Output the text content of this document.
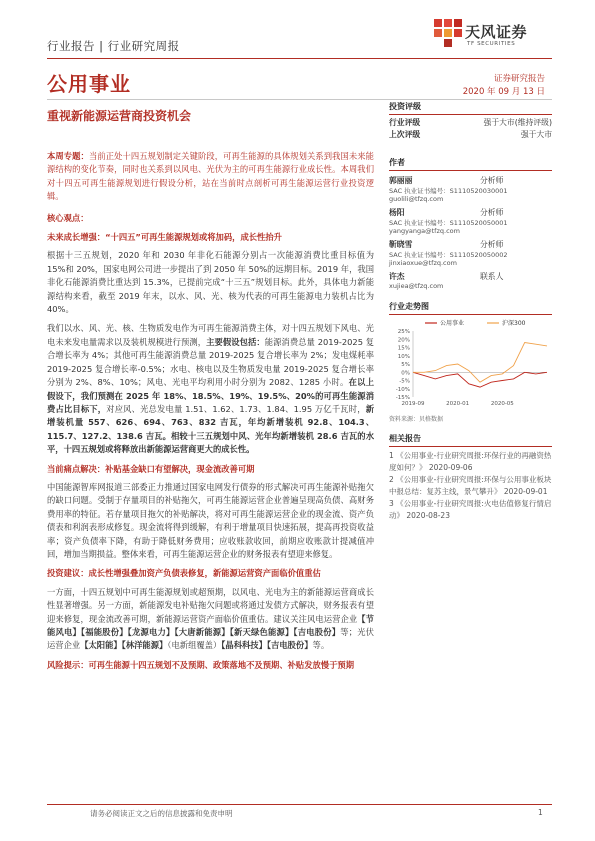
行业报告 | 行业研究周报
天风证券
TF SECURITIES
公用事业	证券研究报告
2020 年 09 月 13 日
重视新能源运营商投资机会

本周专题：当前正处十四五规划制定关键阶段，可再生能源的具体规划关系到我国未来能源结构的变化节奏，同时也关系到以风电、光伏为主的可再生能源行业成长性。本周我们对十四五可再生能源规划进行假设分析，站在当前时点剖析可再生能源运营行业投资逻辑。

核心观点：

未来成长增强：“十四五”可再生能源规划或将加码，成长性抬升

根据十三五规划，2020 年和 2030 年非化石能源分别占一次能源消费比重目标值为 15%和 20%，国家电网公司进一步提出了到 2050 年 50%的远期目标。2019 年，我国非化石能源消费比重达到 15.3%，已提前完成“十三五”规划目标。此外，具体电力新能源结构来看，截至 2019 年末，以水、风、光、核为代表的可再生能源电力装机占比为 40%。

我们以水、风、光、核、生物质发电作为可再生能源消费主体，对十四五规划下风电、光电未来发电量需求以及装机规模进行预测，主要假设包括：能源消费总量 2019-2025 复合增长率为 4%；其他可再生能源消费总量 2019-2025 复合增长率为 2%；发电煤耗率 2019-2025 复合增长率-0.5%；水电、核电以及生物质发电量 2019-2025 复合增长率分别为 2%、8%、10%；风电、光电平均利用小时分别为 2082、1285 小时。在以上假设下，我们预测在 2025 年 18%、18.5%、19%、19.5%、20%的可再生能源消费占比目标下，对应风、光总发电量 1.51、1.62、1.73、1.84、1.95 万亿千瓦时，新增装机量 557、626、694、763、832 吉瓦，年均新增装机 92.8、104.3、115.7、127.2、138.6 吉瓦。相较十三五规划中风、光年均新增装机 28.6 吉瓦的水平，十四五规划或将释放出新能源运营商更大的成长性。

当前痛点解决：补贴基金缺口有望解决，现金流改善可期

中国能源智库网报道三部委正力推通过国家电网发行债券的形式解决可再生能源补贴拖欠的缺口问题。受制于存量项目的补贴拖欠，可再生能源运营企业普遍呈现高负债、高财务费用率的特征。若存量项目拖欠的补贴解决，将对可再生能源运营企业的现金流、资产负债表和利润表形成修复。现金流将得到缓解，有利于增量项目快速拓展，提高再投资收益率；资产负债率下降，有助于降低财务费用；应收账款收回，前期应收账款计提减值冲回，增加当期损益。整体来看，可再生能源运营企业的财务报表有望迎来修复。

投资建议：成长性增强叠加资产负债表修复，新能源运营资产面临价值重估

一方面，十四五规划中可再生能源规划或超预期，以风电、光电为主的新能源运营商成长性显著增强。另一方面，新能源发电补贴拖欠问题或将通过发债方式解决，财务报表有望迎来修复，现金流改善可期，新能源运营资产面临价值重估。建议关注风电运营企业【节能风电】【福能股份】【龙源电力】【大唐新能源】【新天绿色能源】【吉电股份】等；光伏运营企业【太阳能】【林洋能源】（电新组覆盖）【晶科科技】【吉电股份】等。

风险提示：可再生能源十四五规划不及预期、政策落地不及预期、补贴发放慢于预期

投资评级
行业评级	强于大市(维持评级)
上次评级	强于大市
作者
郭丽丽	分析师
SAC 执业证书编号：S1110520030001
guolili@tfzq.com
杨阳	分析师
SAC 执业证书编号：S1110520050001
yangyanga@tfzq.com
靳晓雪	分析师
SAC 执业证书编号：S1110520050002
jinxiaoxue@tfzq.com
许杰	联系人
xujiea@tfzq.com
行业走势图
25%
20%
15%
10%
5%
0%
-5%
-10%
-15%
2019-09	2020-01	2020-05
公用事业	沪深300
资料来源：贝格数据
相关报告
1 《公用事业-行业研究周报:环保行业的再融资热度如何？》 2020-09-06
2 《公用事业-行业研究周报:环保与公用事业板块中报总结：复苏主线，景气攀升》 2020-09-01
3 《公用事业-行业研究周报:火电估值修复行情启动》 2020-08-23
请务必阅读正文之后的信息披露和免责申明	1
